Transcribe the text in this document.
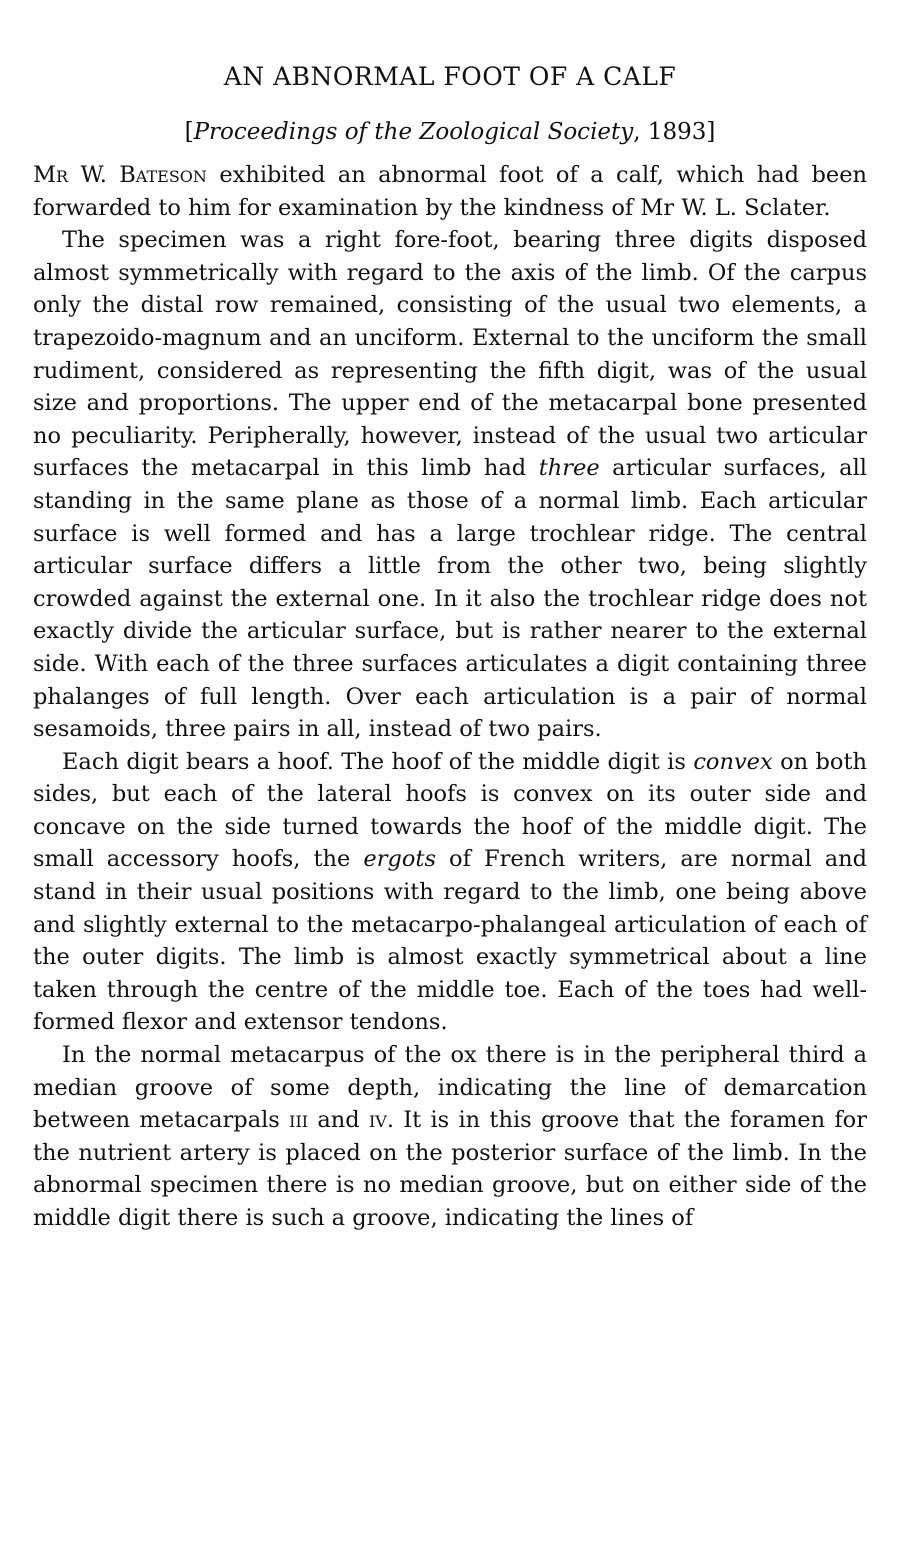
AN ABNORMAL FOOT OF A CALF
[Proceedings of the Zoological Society, 1893]

Mr W. Bateson exhibited an abnormal foot of a calf, which had been forwarded to him for examination by the kindness of Mr W. L. Sclater.

The specimen was a right fore-foot, bearing three digits disposed almost symmetrically with regard to the axis of the limb. Of the carpus only the distal row remained, consisting of the usual two elements, a trapezoido-magnum and an unciform. External to the unciform the small rudiment, considered as representing the fifth digit, was of the usual size and proportions. The upper end of the metacarpal bone presented no peculiarity. Peripherally, however, instead of the usual two articular surfaces the metacarpal in this limb had three articular surfaces, all standing in the same plane as those of a normal limb. Each articular surface is well formed and has a large trochlear ridge. The central articular surface differs a little from the other two, being slightly crowded against the external one. In it also the trochlear ridge does not exactly divide the articular surface, but is rather nearer to the external side. With each of the three surfaces articulates a digit containing three phalanges of full length. Over each articulation is a pair of normal sesamoids, three pairs in all, instead of two pairs.

Each digit bears a hoof. The hoof of the middle digit is convex on both sides, but each of the lateral hoofs is convex on its outer side and concave on the side turned towards the hoof of the middle digit. The small accessory hoofs, the ergots of French writers, are normal and stand in their usual positions with regard to the limb, one being above and slightly external to the metacarpo-phalangeal articulation of each of the outer digits. The limb is almost exactly symmetrical about a line taken through the centre of the middle toe. Each of the toes had well-formed flexor and extensor tendons.

In the normal metacarpus of the ox there is in the peripheral third a median groove of some depth, indicating the line of demarcation between metacarpals iii and iv. It is in this groove that the foramen for the nutrient artery is placed on the posterior surface of the limb. In the abnormal specimen there is no median groove, but on either side of the middle digit there is such a groove, indicating the lines of
